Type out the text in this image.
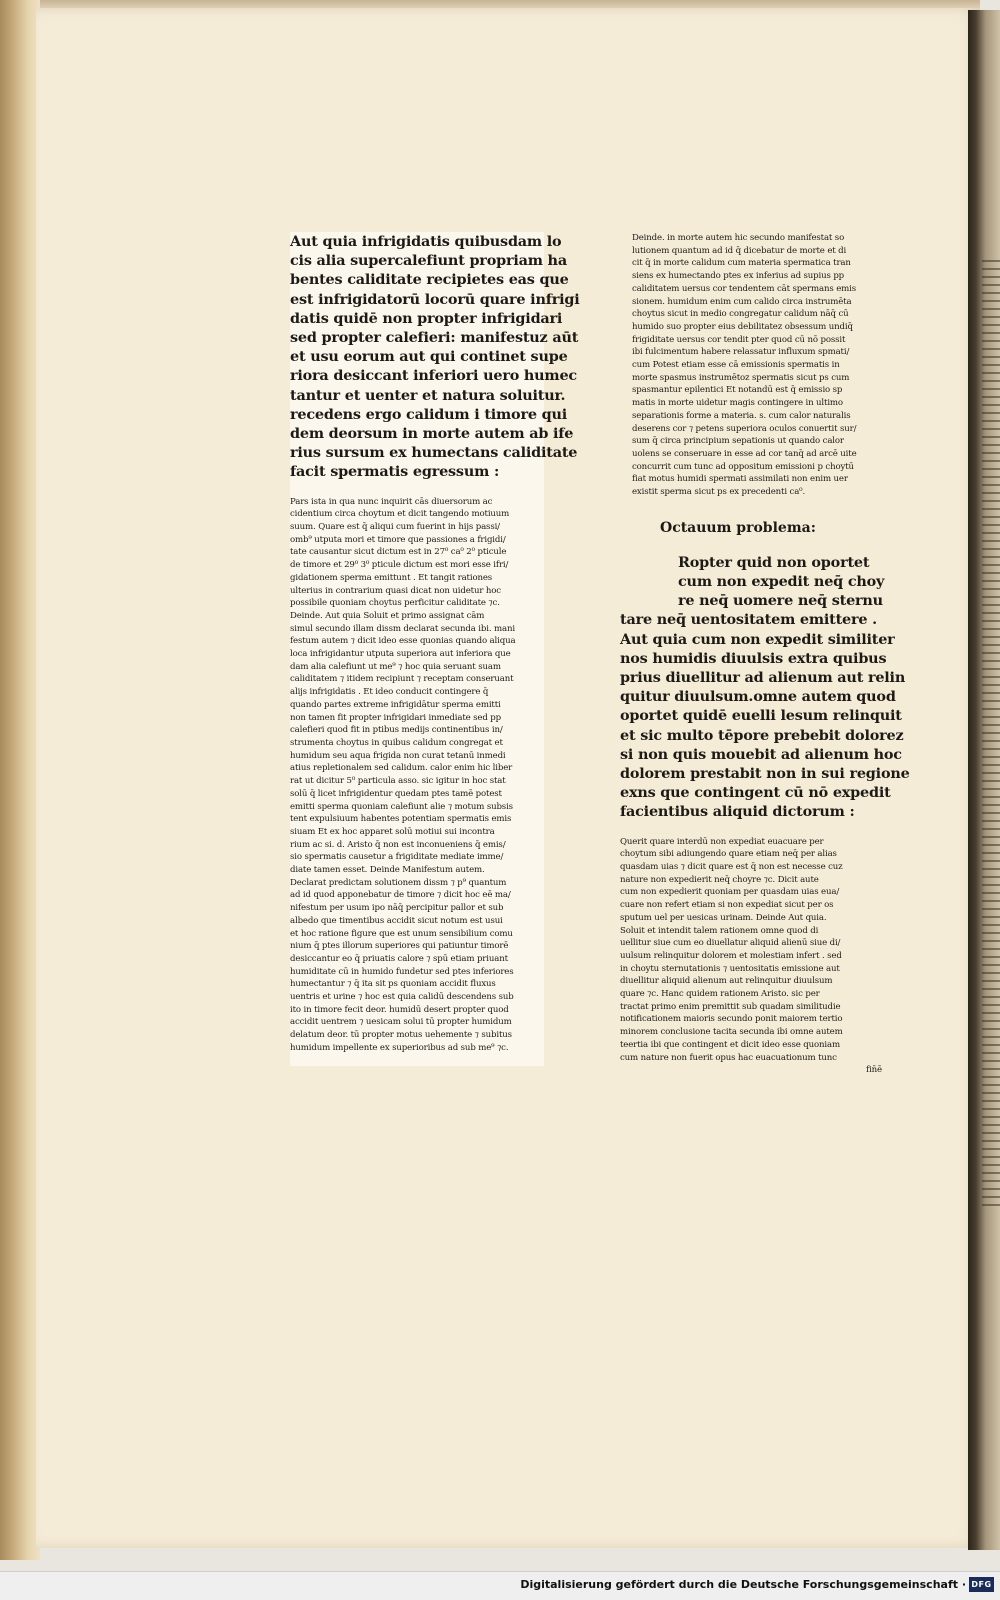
Aut quia infrigidatis quibusdam lo
cis alia supercalefiunt propriam ha
bentes caliditate recipietes eas que
est infrigidatorū locorū quare infrigi
datis quidē non propter infrigidari
sed propter calefieri: manifestuz aūt
et usu eorum aut qui continet supe
riora desiccant inferiori uero humec
tantur et uenter et natura soluitur.
recedens ergo calidum i timore qui
dem deorsum in morte autem ab ife
rius sursum ex humectans caliditate
facit spermatis egressum :
Pars ista in qua nunc inquirit cās diuersorum ac
cidentium circa choytum et dicit tangendo motiuum
suum. Quare est q̄ aliqui cum fuerint in hijs passi/
omb⁹ utputa mori et timore que passiones a frigidi/
tate causantur sicut dictum est in 27⁰ ca⁰ 2⁰ pticule
de timore et 29⁰ 3⁰ pticule dictum est mori esse ifri/
gidationem sperma emittunt . Et tangit rationes
ulterius in contrarium quasi dicat non uidetur hoc
possibile quoniam choytus perficitur caliditate ⁊c.
Deinde. Aut quia Soluit et primo assignat cām
simul secundo illam dissm declarat secunda ibi. mani
festum autem ⁊ dicit ideo esse quonias quando aliqua
loca infrigidantur utputa superiora aut inferiora que
dam alia calefiunt ut me⁹ ⁊ hoc quia seruant suam
caliditatem ⁊ itidem recipiunt ⁊ receptam conseruant
alijs infrigidatis . Et ideo conducit contingere q̄
quando partes extreme infrigidātur sperma emitti
non tamen fit propter infrigidari inmediate sed pp
calefieri quod fit in ptibus medijs continentibus in/
strumenta choytus in quibus calidum congregat et
humidum seu aqua frigida non curat tetanū inmedi
atius repletionalem sed calidum. calor enim hic liber
rat ut dicitur 5⁰ particula asso. sic igitur in hoc stat
solū q̄ licet infrigidentur quedam ptes tamē potest
emitti sperma quoniam calefiunt alie ⁊ motum subsis
tent expulsiuum habentes potentiam spermatis emis
siuam Et ex hoc apparet solū motiui sui incontra
rium ac si. d. Aristo q̄ non est inconueniens q̄ emis/
sio spermatis causetur a frigiditate mediate imme/
diate tamen esset. Deinde Manifestum autem.
Declarat predictam solutionem dissm ⁊ p⁹ quantum
ad id quod apponebatur de timore ⁊ dicit hoc eē ma/
nifestum per usum ipo nāq̄ percipitur pallor et sub
albedo que timentibus accidit sicut notum est usui
et hoc ratione figure que est unum sensibilium comu
nium q̄ ptes illorum superiores qui patiuntur timorē
desiccantur eo q̄ priuatis calore ⁊ spū etiam priuant
humiditate cū in humido fundetur sed ptes inferiores
humectantur ⁊ q̄ ita sit ps quoniam accidit fluxus
uentris et urine ⁊ hoc est quia calidū descendens sub
ito in timore fecit deor. humidū desert propter quod
accidit uentrem ⁊ uesicam solui tū propter humidum
delatum deor. tū propter motus uehemente ⁊ subitus
humidum impellente ex superioribus ad sub me⁹ ⁊c.
Deinde. in morte autem hic secundo manifestat so
lutionem quantum ad id q̄ dicebatur de morte et di
cit q̄ in morte calidum cum materia spermatica tran
siens ex humectando ptes ex inferius ad supius pp
caliditatem uersus cor tendentem cāt spermans emis
sionem. humidum enim cum calido circa instrumēta
choytus sicut in medio congregatur calidum nāq̄ cū
humido suo propter eius debilitatez obsessum undiq̄
frigiditate uersus cor tendit pter quod cū nō possit
ibi fulcimentum habere relassatur influxum spmati/
cum Potest etiam esse cā emissionis spermatis in
morte spasmus instrumētoz spermatis sicut ps cum
spasmantur epilentici Et notandū est q̄ emissio sp
matis in morte uidetur magis contingere in ultimo
separationis forme a materia. s. cum calor naturalis
deserens cor ⁊ petens superiora oculos conuertit sur/
sum q̄ circa principium sepationis ut quando calor
uolens se conseruare in esse ad cor tanq̄ ad arcē uite
concurrit cum tunc ad oppositum emissioni p choytū
fiat motus humidi spermati assimilati non enim uer
existit sperma sicut ps ex precedenti ca⁰.
Octauum problema:
Ropter quid non oportet
cum non expedit neq̄ choy
re neq̄ uomere neq̄ sternu
tare neq̄ uentositatem emittere .
Aut quia cum non expedit similiter
nos humidis diuulsis extra quibus
prius diuellitur ad alienum aut relin
quitur diuulsum.omne autem quod
oportet quidē euelli lesum relinquit
et sic multo tēpore prebebit dolorez
si non quis mouebit ad alienum hoc
dolorem prestabit non in sui regione
exns que contingent cū nō expedit
facientibus aliquid dictorum :
Querit quare interdū non expediat euacuare per
choytum sibi adiungendo quare etiam neq̄ per alias
quasdam uias ⁊ dicit quare est q̄ non est necesse cuz
nature non expedierit neq̄ choyre ⁊c. Dicit aute
cum non expedierit quoniam per quasdam uias eua/
cuare non refert etiam si non expediat sicut per os
sputum uel per uesicas urinam. Deinde Aut quia.
Soluit et intendit talem rationem omne quod di
uellitur siue cum eo diuellatur aliquid alienū siue di/
uulsum relinquitur dolorem et molestiam infert . sed
in choytu sternutationis ⁊ uentositatis emissione aut
diuellitur aliquid alienum aut relinquitur diuulsum
quare ⁊c. Hanc quidem rationem Aristo. sic per
tractat primo enim premittit sub quadam similitudie
notificationem maioris secundo ponit maiorem tertio
minorem conclusione tacita secunda ibi omne autem
teertia ibi que contingent et dicit ideo esse quoniam
cum nature non fuerit opus hac euacuationum tunc
fin̄ē
Digitalisierung gefördert durch die Deutsche Forschungsgemeinschaft · DFG
